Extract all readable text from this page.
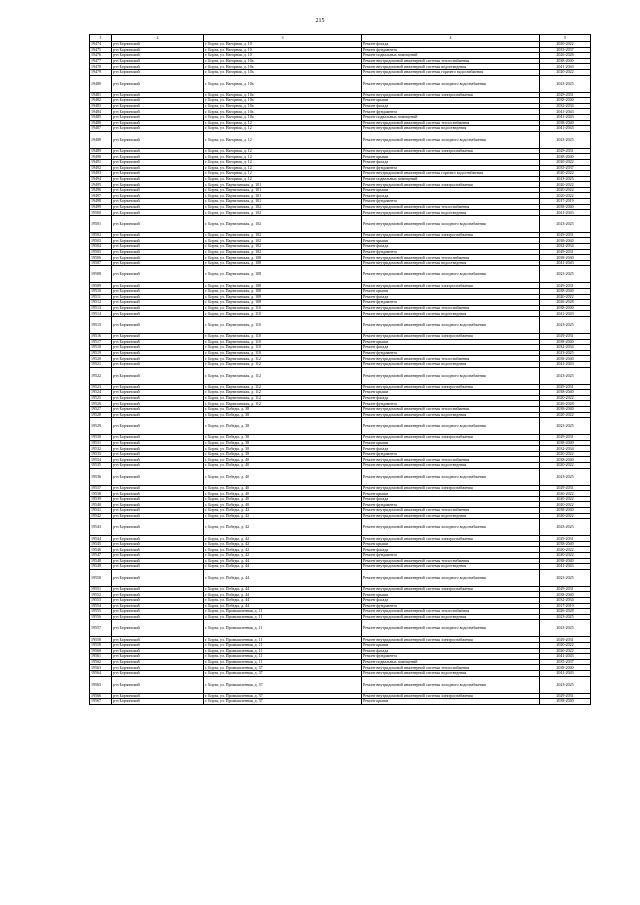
215
1	2	3	4	5
19474	р-н Борзинский	г. Борзя, ул. Нагорная, д. 10	Ремонт фасада	2020-2022
19475	р-н Борзинский	г. Борзя, ул. Нагорная, д. 10	Ремонт фундамента	2035-2037
19476	р-н Борзинский	г. Борзя, ул. Нагорная, д. 10	Ремонт подвальных помещений	2026-2028
19477	р-н Борзинский	г. Борзя, ул. Нагорная, д. 10а	Ремонт внутридомовой инженерной системы теплоснабжения	2038-2040
19478	р-н Борзинский	г. Борзя, ул. Нагорная, д. 10а	Ремонт внутридомовой инженерной системы водоотведения	2041-2043
19479	р-н Борзинский	г. Борзя, ул. Нагорная, д. 10а	Ремонт внутридомовой инженерной системы горячего водоснабжения	2020-2022
19480	р-н Борзинский	г. Борзя, ул. Нагорная, д. 10а	Ремонт внутридомовой инженерной системы холодного водоснабжения	2023-2025
19481	р-н Борзинский	г. Борзя, ул. Нагорная, д. 10а	Ремонт внутридомовой инженерной системы электроснабжения	2029-2031
19482	р-н Борзинский	г. Борзя, ул. Нагорная, д. 10а	Ремонт крыши	2038-2040
19483	р-н Борзинский	г. Борзя, ул. Нагорная, д. 10а	Ремонт фасада	2032-2034
19484	р-н Борзинский	г. Борзя, ул. Нагорная, д. 10а	Ремонт фундамента	2041-2043
19485	р-н Борзинский	г. Борзя, ул. Нагорная, д. 10а	Ремонт подвальных помещений	2041-2043
19486	р-н Борзинский	г. Борзя, ул. Нагорная, д. 12	Ремонт внутридомовой инженерной системы теплоснабжения	2038-2040
19487	р-н Борзинский	г. Борзя, ул. Нагорная, д. 12	Ремонт внутридомовой инженерной системы водоотведения	2041-2043
19488	р-н Борзинский	г. Борзя, ул. Нагорная, д. 12	Ремонт внутридомовой инженерной системы холодного водоснабжения	2023-2025
19489	р-н Борзинский	г. Борзя, ул. Нагорная, д. 12	Ремонт внутридомовой инженерной системы электроснабжения	2029-2031
19490	р-н Борзинский	г. Борзя, ул. Нагорная, д. 12	Ремонт крыши	2038-2040
19491	р-н Борзинский	г. Борзя, ул. Нагорная, д. 12	Ремонт фасада	2020-2022
19492	р-н Борзинский	г. Борзя, ул. Нагорная, д. 12	Ремонт фундамента	2035-2037
19493	р-н Борзинский	г. Борзя, ул. Нагорная, д. 12	Ремонт внутридомовой инженерной системы горячего водоснабжения	2020-2022
19494	р-н Борзинский	г. Борзя, ул. Нагорная, д. 12	Ремонт подвальных помещений	2023-2025
19495	р-н Борзинский	г. Борзя, ул. Партизанская, д. 101	Ремонт внутридомовой инженерной системы электроснабжения	2020-2022
19496	р-н Борзинский	г. Борзя, ул. Партизанская, д. 101	Ремонт крыши	2020-2022
19497	р-н Борзинский	г. Борзя, ул. Партизанская, д. 101	Ремонт фасада	2020-2022
19498	р-н Борзинский	г. Борзя, ул. Партизанская, д. 101	Ремонт фундамента	2017-2019
19499	р-н Борзинский	г. Борзя, ул. Партизанская, д. 102	Ремонт внутридомовой инженерной системы теплоснабжения	2038-2040
19500	р-н Борзинский	г. Борзя, ул. Партизанская, д. 102	Ремонт внутридомовой инженерной системы водоотведения	2041-2043
19501	р-н Борзинский	г. Борзя, ул. Партизанская, д. 102	Ремонт внутридомовой инженерной системы холодного водоснабжения	2023-2025
19502	р-н Борзинский	г. Борзя, ул. Партизанская, д. 102	Ремонт внутридомовой инженерной системы электроснабжения	2029-2031
19503	р-н Борзинский	г. Борзя, ул. Партизанская, д. 102	Ремонт крыши	2038-2040
19504	р-н Борзинский	г. Борзя, ул. Партизанская, д. 102	Ремонт фасада	2032-2034
19505	р-н Борзинский	г. Борзя, ул. Партизанская, д. 102	Ремонт фундамента	2029-2031
19506	р-н Борзинский	г. Борзя, ул. Партизанская, д. 108	Ремонт внутридомовой инженерной системы теплоснабжения	2038-2040
19507	р-н Борзинский	г. Борзя, ул. Партизанская, д. 108	Ремонт внутридомовой инженерной системы водоотведения	2041-2043
19508	р-н Борзинский	г. Борзя, ул. Партизанская, д. 108	Ремонт внутридомовой инженерной системы холодного водоснабжения	2023-2025
19509	р-н Борзинский	г. Борзя, ул. Партизанская, д. 108	Ремонт внутридомовой инженерной системы электроснабжения	2029-2031
19510	р-н Борзинский	г. Борзя, ул. Партизанская, д. 108	Ремонт крыши	2038-2040
19511	р-н Борзинский	г. Борзя, ул. Партизанская, д. 108	Ремонт фасада	2020-2022
19512	р-н Борзинский	г. Борзя, ул. Партизанская, д. 108	Ремонт фундамента	2026-2028
19513	р-н Борзинский	г. Борзя, ул. Партизанская, д. 110	Ремонт внутридомовой инженерной системы теплоснабжения	2038-2040
19514	р-н Борзинский	г. Борзя, ул. Партизанская, д. 110	Ремонт внутридомовой инженерной системы водоотведения	2041-2043
19515	р-н Борзинский	г. Борзя, ул. Партизанская, д. 110	Ремонт внутридомовой инженерной системы холодного водоснабжения	2023-2025
19516	р-н Борзинский	г. Борзя, ул. Партизанская, д. 110	Ремонт внутридомовой инженерной системы электроснабжения	2029-2031
19517	р-н Борзинский	г. Борзя, ул. Партизанская, д. 110	Ремонт крыши	2038-2040
19518	р-н Борзинский	г. Борзя, ул. Партизанская, д. 110	Ремонт фасада	2032-2034
19519	р-н Борзинский	г. Борзя, ул. Партизанская, д. 110	Ремонт фундамента	2023-2025
19520	р-н Борзинский	г. Борзя, ул. Партизанская, д. 112	Ремонт внутридомовой инженерной системы теплоснабжения	2038-2040
19521	р-н Борзинский	г. Борзя, ул. Партизанская, д. 112	Ремонт внутридомовой инженерной системы водоотведения	2041-2043
19522	р-н Борзинский	г. Борзя, ул. Партизанская, д. 112	Ремонт внутридомовой инженерной системы холодного водоснабжения	2023-2025
19523	р-н Борзинский	г. Борзя, ул. Партизанская, д. 112	Ремонт внутридомовой инженерной системы электроснабжения	2029-2031
19524	р-н Борзинский	г. Борзя, ул. Партизанская, д. 112	Ремонт крыши	2038-2040
19525	р-н Борзинский	г. Борзя, ул. Партизанская, д. 112	Ремонт фасада	2020-2022
19526	р-н Борзинский	г. Борзя, ул. Партизанская, д. 112	Ремонт фундамента	2026-2028
19527	р-н Борзинский	г. Борзя, ул. Победы, д. 38	Ремонт внутридомовой инженерной системы теплоснабжения	2038-2040
19528	р-н Борзинский	г. Борзя, ул. Победы, д. 38	Ремонт внутридомовой инженерной системы водоотведения	2020-2022
19529	р-н Борзинский	г. Борзя, ул. Победы, д. 38	Ремонт внутридомовой инженерной системы холодного водоснабжения	2023-2025
19530	р-н Борзинский	г. Борзя, ул. Победы, д. 38	Ремонт внутридомовой инженерной системы электроснабжения	2029-2031
19531	р-н Борзинский	г. Борзя, ул. Победы, д. 38	Ремонт крыши	2038-2040
19532	р-н Борзинский	г. Борзя, ул. Победы, д. 38	Ремонт фасада	2032-2034
19533	р-н Борзинский	г. Борзя, ул. Победы, д. 38	Ремонт фундамента	2020-2022
19534	р-н Борзинский	г. Борзя, ул. Победы, д. 40	Ремонт внутридомовой инженерной системы теплоснабжения	2038-2040
19535	р-н Борзинский	г. Борзя, ул. Победы, д. 40	Ремонт внутридомовой инженерной системы водоотведения	2020-2022
19536	р-н Борзинский	г. Борзя, ул. Победы, д. 40	Ремонт внутридомовой инженерной системы холодного водоснабжения	2023-2025
19537	р-н Борзинский	г. Борзя, ул. Победы, д. 40	Ремонт внутридомовой инженерной системы электроснабжения	2029-2031
19538	р-н Борзинский	г. Борзя, ул. Победы, д. 40	Ремонт крыши	2020-2022
19539	р-н Борзинский	г. Борзя, ул. Победы, д. 40	Ремонт фасада	2020-2022
19540	р-н Борзинский	г. Борзя, ул. Победы, д. 40	Ремонт фундамента	2020-2022
19541	р-н Борзинский	г. Борзя, ул. Победы, д. 42	Ремонт внутридомовой инженерной системы теплоснабжения	2038-2040
19542	р-н Борзинский	г. Борзя, ул. Победы, д. 42	Ремонт внутридомовой инженерной системы водоотведения	2020-2022
19543	р-н Борзинский	г. Борзя, ул. Победы, д. 42	Ремонт внутридомовой инженерной системы холодного водоснабжения	2023-2025
19544	р-н Борзинский	г. Борзя, ул. Победы, д. 42	Ремонт внутридомовой инженерной системы электроснабжения	2029-2031
19545	р-н Борзинский	г. Борзя, ул. Победы, д. 42	Ремонт крыши	2038-2040
19546	р-н Борзинский	г. Борзя, ул. Победы, д. 42	Ремонт фасада	2020-2022
19547	р-н Борзинский	г. Борзя, ул. Победы, д. 42	Ремонт фундамента	2020-2022
19548	р-н Борзинский	г. Борзя, ул. Победы, д. 44	Ремонт внутридомовой инженерной системы теплоснабжения	2038-2040
19549	р-н Борзинский	г. Борзя, ул. Победы, д. 44	Ремонт внутридомовой инженерной системы водоотведения	2041-2043
19550	р-н Борзинский	г. Борзя, ул. Победы, д. 44	Ремонт внутридомовой инженерной системы холодного водоснабжения	2023-2025
19551	р-н Борзинский	г. Борзя, ул. Победы, д. 44	Ремонт внутридомовой инженерной системы электроснабжения	2029-2031
19552	р-н Борзинский	г. Борзя, ул. Победы, д. 44	Ремонт крыши	2038-2040
19553	р-н Борзинский	г. Борзя, ул. Победы, д. 44	Ремонт фасада	2032-2034
19554	р-н Борзинский	г. Борзя, ул. Победы, д. 44	Ремонт фундамента	2017-2019
19555	р-н Борзинский	г. Борзя, ул. Промышленная, д. 11	Ремонт внутридомовой инженерной системы теплоснабжения	2026-2028
19556	р-н Борзинский	г. Борзя, ул. Промышленная, д. 11	Ремонт внутридомовой инженерной системы водоотведения	2023-2025
19557	р-н Борзинский	г. Борзя, ул. Промышленная, д. 11	Ремонт внутридомовой инженерной системы холодного водоснабжения	2023-2025
19558	р-н Борзинский	г. Борзя, ул. Промышленная, д. 11	Ремонт внутридомовой инженерной системы электроснабжения	2029-2031
19559	р-н Борзинский	г. Борзя, ул. Промышленная, д. 11	Ремонт крыши	2020-2022
19560	р-н Борзинский	г. Борзя, ул. Промышленная, д. 11	Ремонт фасада	2020-2022
19561	р-н Борзинский	г. Борзя, ул. Промышленная, д. 11	Ремонт фундамента	2041-2043
19562	р-н Борзинский	г. Борзя, ул. Промышленная, д. 11	Ремонт подвальных помещений	2035-2037
19563	р-н Борзинский	г. Борзя, ул. Промышленная, д. 37	Ремонт внутридомовой инженерной системы теплоснабжения	2038-2040
19564	р-н Борзинский	г. Борзя, ул. Промышленная, д. 37	Ремонт внутридомовой инженерной системы водоотведения	2041-2043
19565	р-н Борзинский	г. Борзя, ул. Промышленная, д. 37	Ремонт внутридомовой инженерной системы холодного водоснабжения	2023-2025
19566	р-н Борзинский	г. Борзя, ул. Промышленная, д. 37	Ремонт внутридомовой инженерной системы электроснабжения	2029-2031
19567	р-н Борзинский	г. Борзя, ул. Промышленная, д. 37	Ремонт крыши	2038-2040
